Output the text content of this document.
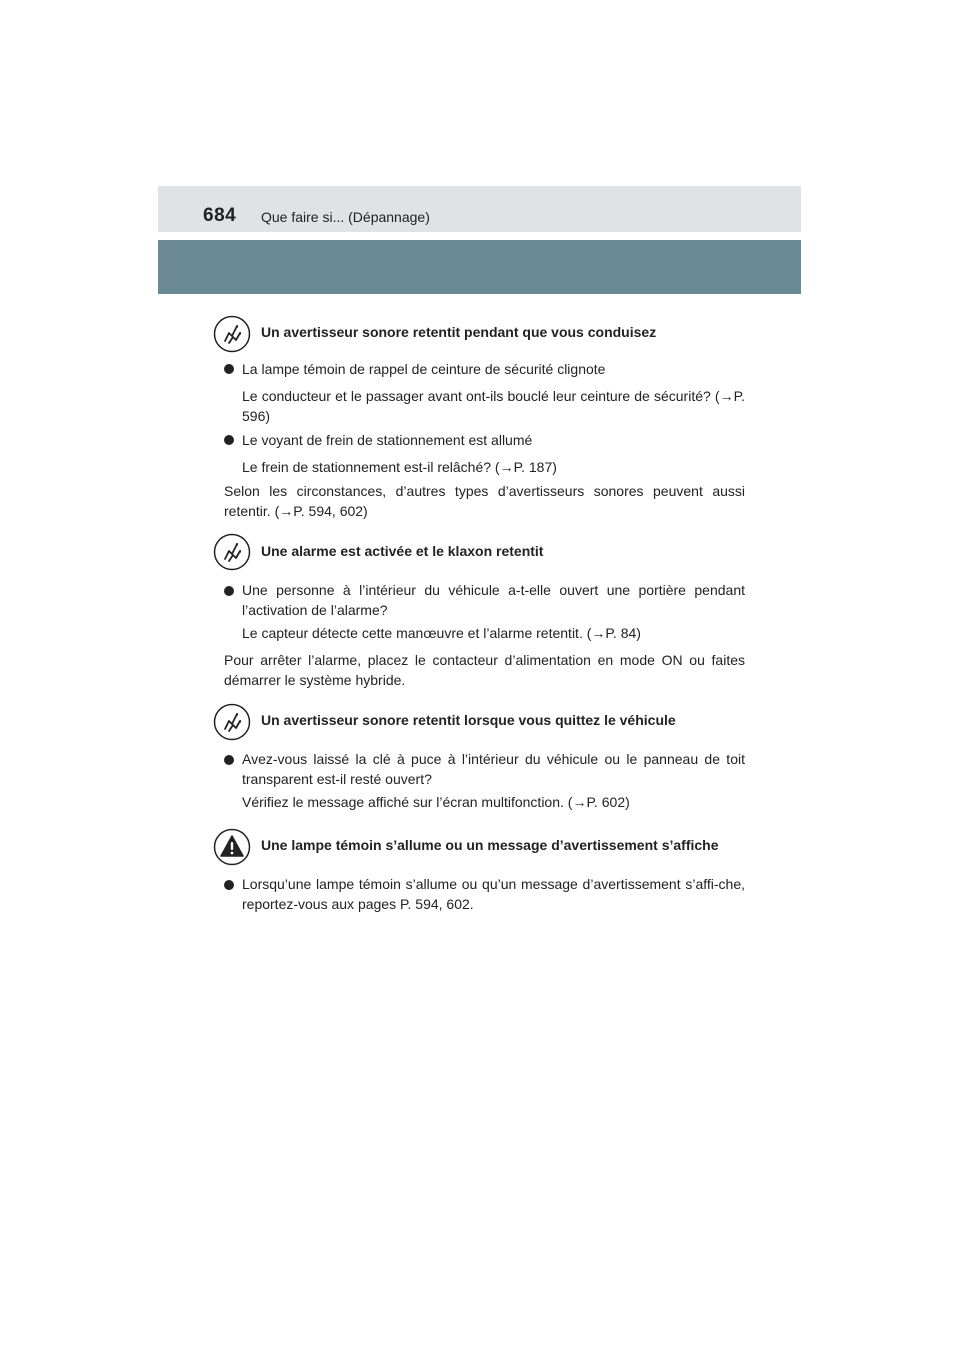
684 Que faire si... (Dépannage)
Un avertisseur sonore retentit pendant que vous conduisez
La lampe témoin de rappel de ceinture de sécurité clignote
Le conducteur et le passager avant ont-ils bouclé leur ceinture de sécurité? (→P. 596)
Le voyant de frein de stationnement est allumé
Le frein de stationnement est-il relâché? (→P. 187)
Selon les circonstances, d’autres types d’avertisseurs sonores peuvent aussi retentir. (→P. 594, 602)
Une alarme est activée et le klaxon retentit
Une personne à l’intérieur du véhicule a-t-elle ouvert une portière pendant l’activation de l’alarme?
Le capteur détecte cette manœuvre et l’alarme retentit. (→P. 84)
Pour arrêter l’alarme, placez le contacteur d’alimentation en mode ON ou faites démarrer le système hybride.
Un avertisseur sonore retentit lorsque vous quittez le véhicule
Avez-vous laissé la clé à puce à l’intérieur du véhicule ou le panneau de toit transparent est-il resté ouvert?
Vérifiez le message affiché sur l’écran multifonction. (→P. 602)
Une lampe témoin s’allume ou un message d’avertissement s’affiche
Lorsqu’une lampe témoin s’allume ou qu’un message d’avertissement s’affi-che, reportez-vous aux pages P. 594, 602.
